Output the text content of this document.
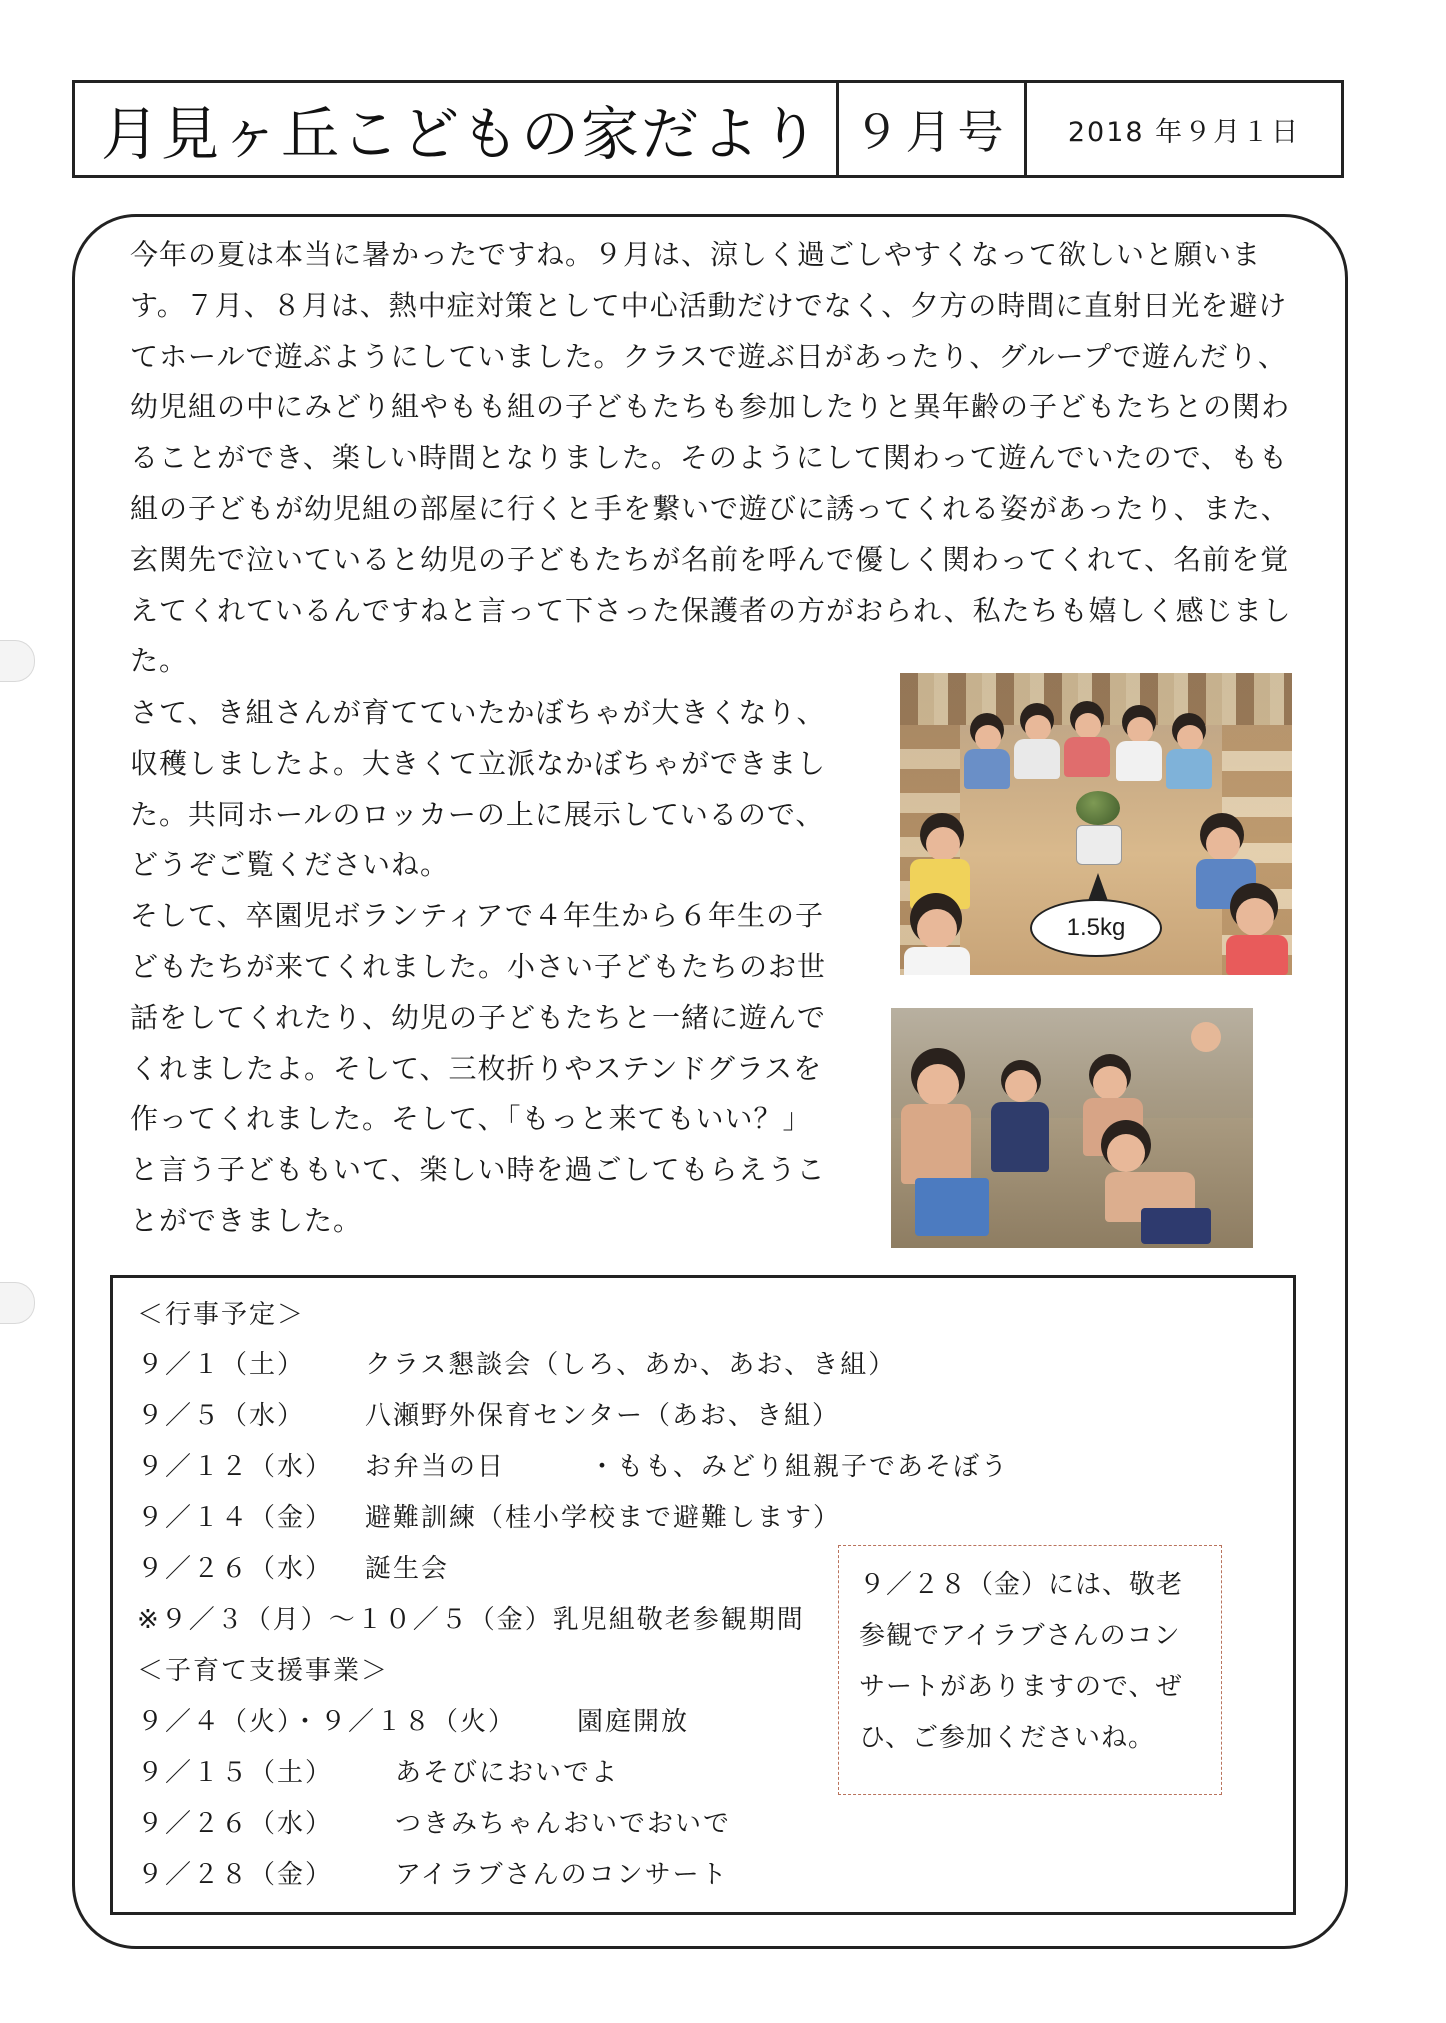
月見ヶ丘こどもの家だより ９月号	2018 年９月１日

今年の夏は本当に暑かったですね。９月は、涼しく過ごしやすくなって欲しいと願います。７月、８月は、熱中症対策として中心活動だけでなく、夕方の時間に直射日光を避けてホールで遊ぶようにしていました。クラスで遊ぶ日があったり、グループで遊んだり、幼児組の中にみどり組やもも組の子どもたちも参加したりと異年齢の子どもたちとの関わることができ、楽しい時間となりました。そのようにして関わって遊んでいたので、もも組の子どもが幼児組の部屋に行くと手を繋いで遊びに誘ってくれる姿があったり、また、玄関先で泣いていると幼児の子どもたちが名前を呼んで優しく関わってくれて、名前を覚えてくれているんですねと言って下さった保護者の方がおられ、私たちも嬉しく感じました。

さて、き組さんが育てていたかぼちゃが大きくなり、収穫しましたよ。大きくて立派なかぼちゃができました。共同ホールのロッカーの上に展示しているので、どうぞご覧くださいね。
そして、卒園児ボランティアで４年生から６年生の子どもたちが来てくれました。小さい子どもたちのお世話をしてくれたり、幼児の子どもたちと一緒に遊んでくれましたよ。そして、三枚折りやステンドグラスを作ってくれました。そして、「もっと来てもいい？」と言う子どももいて、楽しい時を過ごしてもらえうことができました。
1.5kg
＜行事予定＞
９／１（土） クラス懇談会（しろ、あか、あお、き組）
９／５（水） 八瀬野外保育センター（あお、き組）
９／１２（水） お弁当の日　　　・もも、みどり組親子であそぼう
９／１４（金） 避難訓練（桂小学校まで避難します）
９／２６（水） 誕生会
※９／３（月）～１０／５（金）乳児組敬老参観期間
＜子育て支援事業＞
９／４（火）・９／１８（火） 園庭開放
９／１５（土） あそびにおいでよ
９／２６（水） つきみちゃんおいでおいで
９／２８（金） アイラブさんのコンサート

９／２８（金）には、敬老参観でアイラブさんのコンサートがありますので、ぜひ、ご参加くださいね。
